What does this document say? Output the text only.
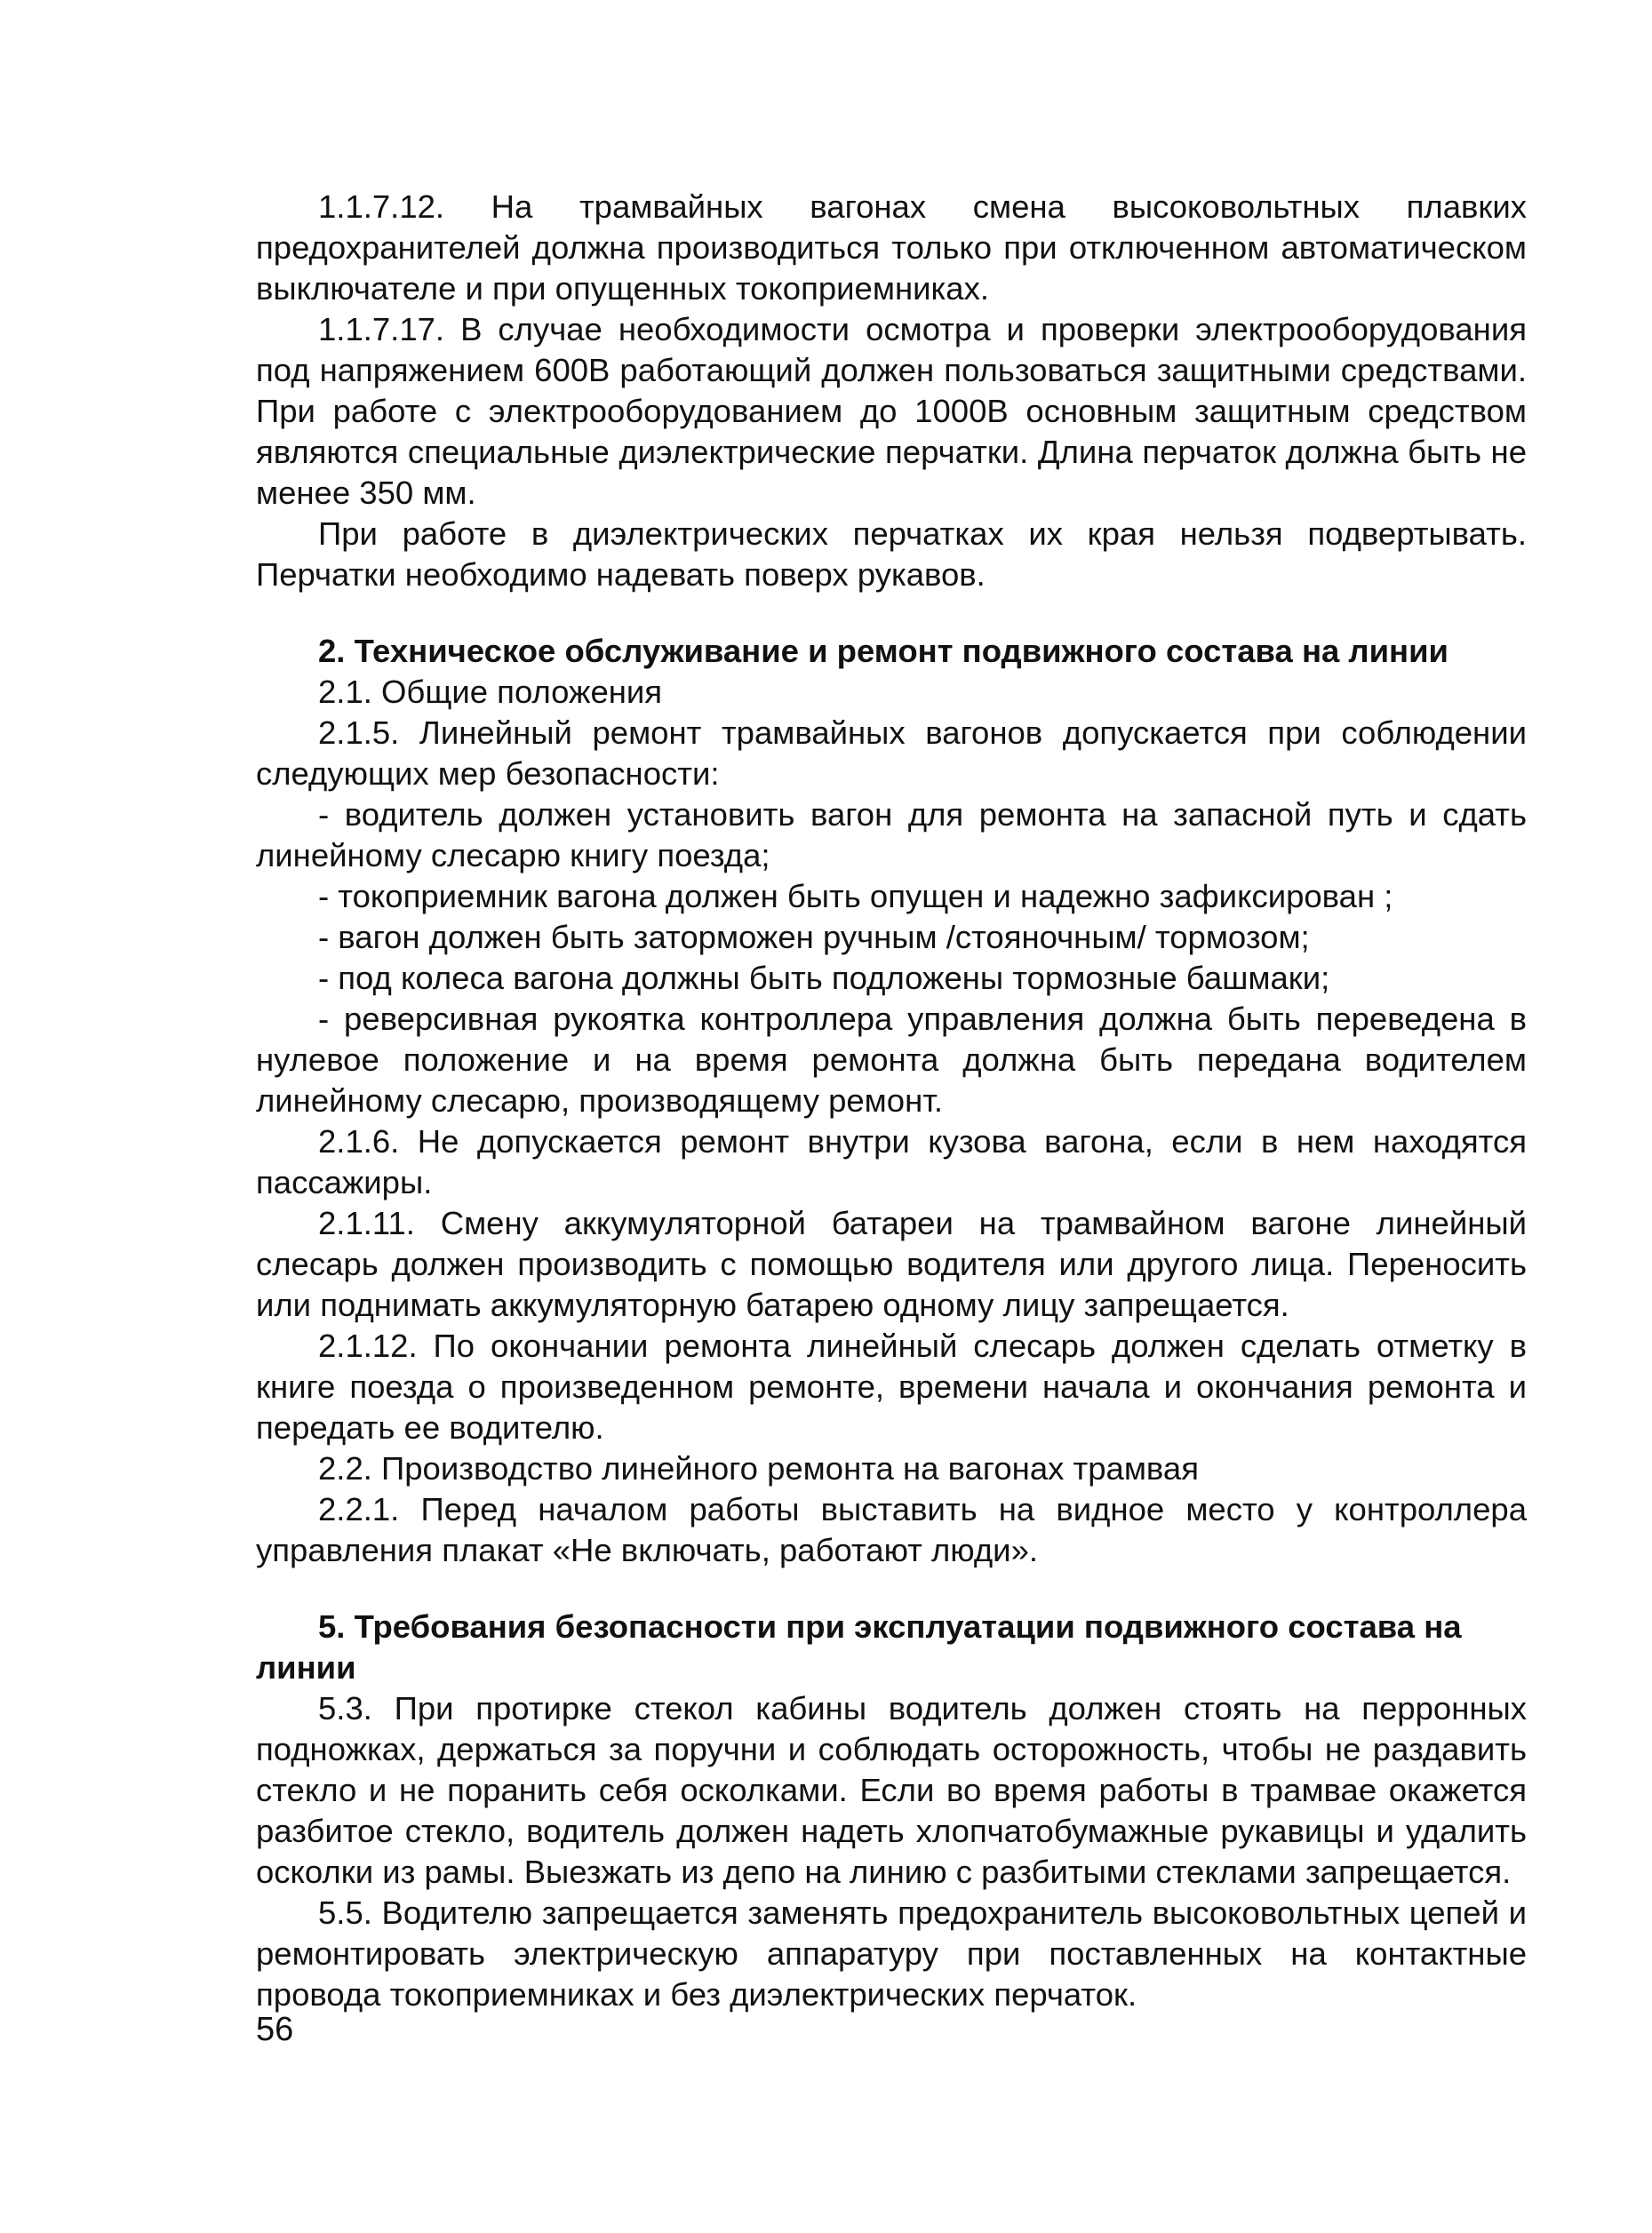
1.1.7.12. На трамвайных вагонах смена высоковольтных плавких предохранителей должна производиться только при отключенном автоматическом выключателе и при опущенных токоприемниках.

1.1.7.17. В случае необходимости осмотра и проверки электрооборудования под напряжением 600В работающий должен пользоваться защитными средствами. При работе с электрооборудованием до 1000В основным защитным средством являются специальные диэлектрические перчатки. Длина перчаток должна быть не менее 350 мм.

При работе в диэлектрических перчатках их края нельзя подвертывать. Перчатки необходимо надевать поверх рукавов.

2. Техническое обслуживание и ремонт подвижного состава на линии

2.1. Общие положения

2.1.5. Линейный ремонт трамвайных вагонов допускается при соблюдении следующих мер безопасности:

- водитель должен установить вагон для ремонта на запасной путь и сдать линейному слесарю книгу поезда;

- токоприемник вагона должен быть опущен и надежно зафиксирован ;

- вагон должен быть заторможен ручным /стояночным/ тормозом;

- под колеса вагона должны быть подложены тормозные башмаки;

- реверсивная рукоятка контроллера управления должна быть переведена в нулевое положение и на время ремонта должна быть передана водителем линейному слесарю, производящему ремонт.

2.1.6. Не допускается ремонт внутри кузова вагона, если в нем находятся пассажиры.

2.1.11. Смену аккумуляторной батареи на трамвайном вагоне линейный слесарь должен производить с помощью водителя или другого лица. Переносить или поднимать аккумуляторную батарею одному лицу запрещается.

2.1.12. По окончании ремонта линейный слесарь должен сделать отметку в книге поезда о произведенном ремонте, времени начала и окончания ремонта и передать ее водителю.

2.2. Производство линейного ремонта на вагонах трамвая

2.2.1. Перед началом работы выставить на видное место у контроллера управления плакат «Не включать, работают люди».

5. Требования безопасности при эксплуатации подвижного состава на линии

5.3. При протирке стекол кабины водитель должен стоять на перронных подножках, держаться за поручни и соблюдать осторожность, чтобы не раздавить стекло и не поранить себя осколками. Если во время работы в трамвае окажется разбитое стекло, водитель должен надеть хлопчатобумажные рукавицы и удалить осколки из рамы. Выезжать из депо на линию с разбитыми стеклами запрещается.

5.5. Водителю запрещается заменять предохранитель высоковольтных цепей и ремонтировать электрическую аппаратуру при поставленных на контактные провода токоприемниках и без диэлектрических перчаток.

56
